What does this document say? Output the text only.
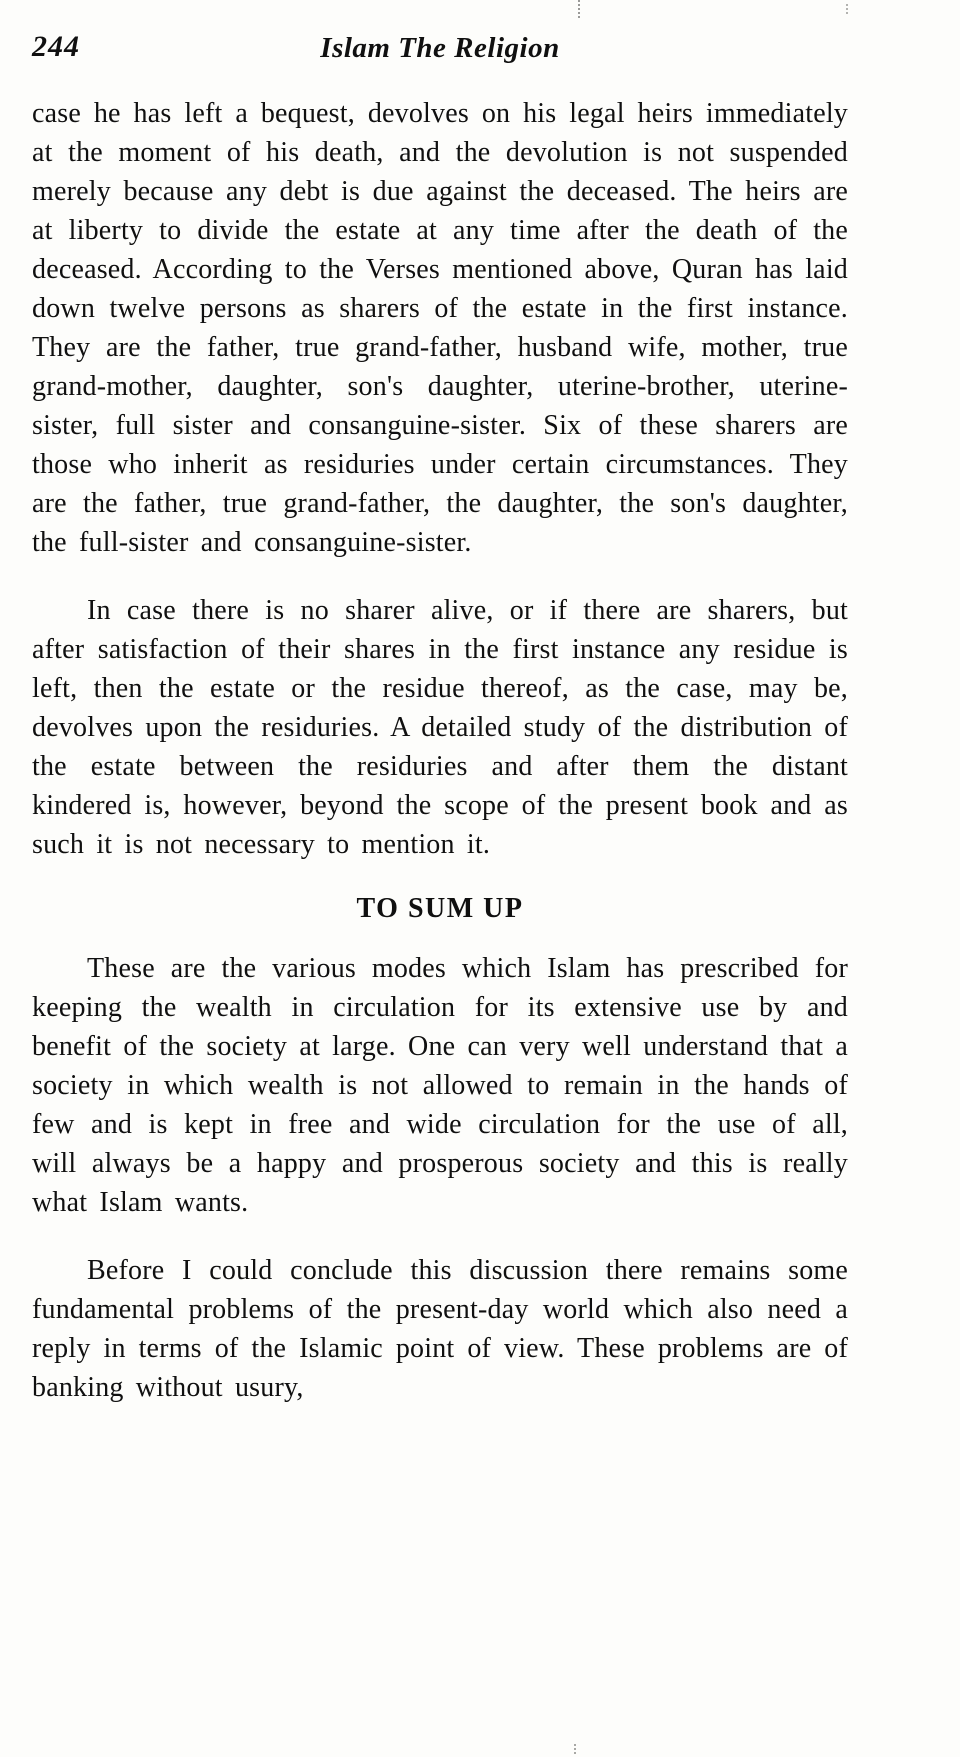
244	Islam The Religion

case he has left a bequest, devolves on his legal heirs immediately at the moment of his death, and the devolution is not suspended merely because any debt is due against the deceased. The heirs are at liberty to divide the estate at any time after the death of the deceased. According to the Verses mentioned above, Quran has laid down twelve persons as sharers of the estate in the first instance. They are the father, true grand-father, husband wife, mother, true grand-mother, daughter, son's daughter, uterine-brother, uterine-sister, full sister and consanguine-sister. Six of these sharers are those who inherit as residuries under certain circumstances. They are the father, true grand-father, the daughter, the son's daughter, the full-sister and consanguine-sister.

In case there is no sharer alive, or if there are sharers, but after satisfaction of their shares in the first instance any residue is left, then the estate or the residue thereof, as the case, may be, devolves upon the residuries. A detailed study of the distribution of the estate between the residuries and after them the distant kindered is, however, beyond the scope of the present book and as such it is not necessary to mention it.

TO SUM UP

These are the various modes which Islam has prescribed for keeping the wealth in circulation for its extensive use by and benefit of the society at large. One can very well understand that a society in which wealth is not allowed to remain in the hands of few and is kept in free and wide circulation for the use of all, will always be a happy and prosperous society and this is really what Islam wants.

Before I could conclude this discussion there remains some fundamental problems of the present-day world which also need a reply in terms of the Islamic point of view. These problems are of banking without usury,
